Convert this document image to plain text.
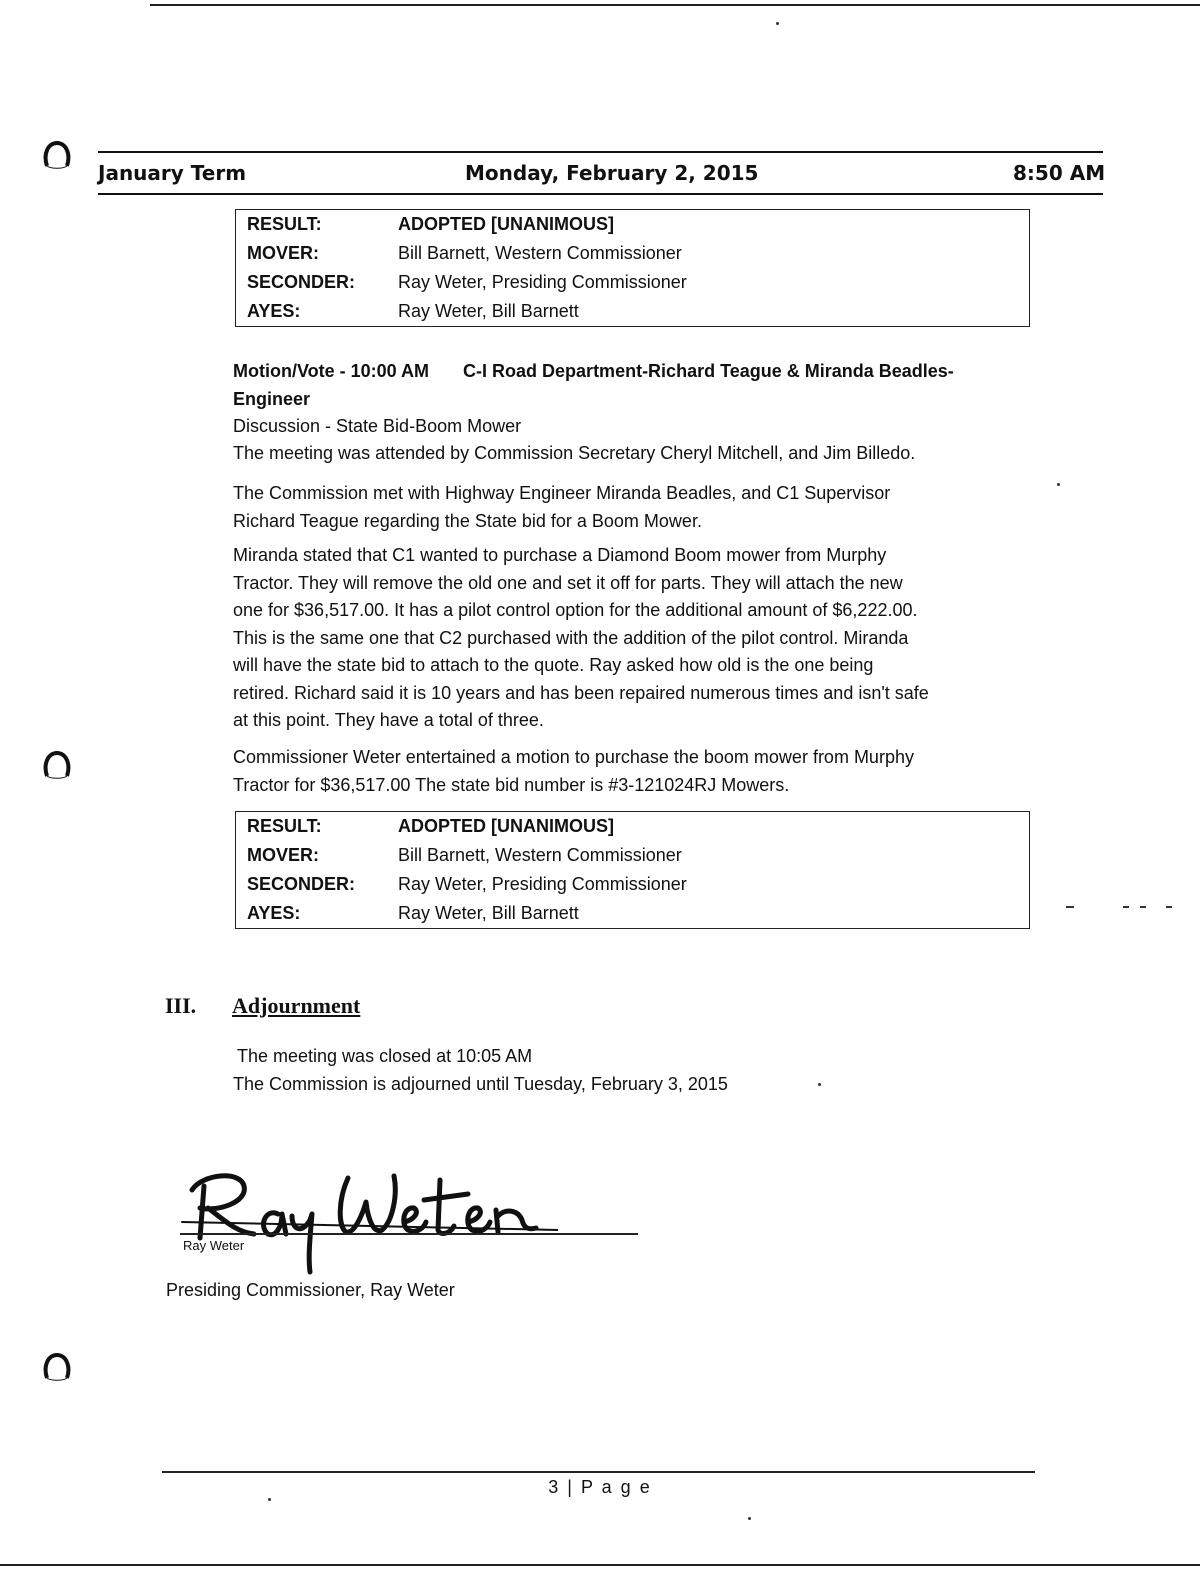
January Term	Monday, February 2, 2015	8:50 AM
RESULT:	ADOPTED [UNANIMOUS]
MOVER:	Bill Barnett, Western Commissioner
SECONDER: Ray Weter, Presiding Commissioner
AYES:	Ray Weter, Bill Barnett
Motion/Vote - 10:00 AM C-I Road Department-Richard Teague & Miranda Beadles-
Engineer
Discussion - State Bid-Boom Mower
The meeting was attended by Commission Secretary Cheryl Mitchell, and Jim Billedo.
The Commission met with Highway Engineer Miranda Beadles, and C1 Supervisor
Richard Teague regarding the State bid for a Boom Mower.
Miranda stated that C1 wanted to purchase a Diamond Boom mower from Murphy
Tractor. They will remove the old one and set it off for parts. They will attach the new
one for $36,517.00. It has a pilot control option for the additional amount of $6,222.00.
This is the same one that C2 purchased with the addition of the pilot control. Miranda
will have the state bid to attach to the quote. Ray asked how old is the one being
retired. Richard said it is 10 years and has been repaired numerous times and isn't safe
at this point. They have a total of three.
Commissioner Weter entertained a motion to purchase the boom mower from Murphy
Tractor for $36,517.00 The state bid number is #3-121024RJ Mowers.
RESULT:	ADOPTED [UNANIMOUS]
MOVER:	Bill Barnett, Western Commissioner
SECONDER: Ray Weter, Presiding Commissioner
AYES:	Ray Weter, Bill Barnett
III. Adjournment
The meeting was closed at 10:05 AM
The Commission is adjourned until Tuesday, February 3, 2015
Ray Weter
Presiding Commissioner, Ray Weter
3 | P a g e
